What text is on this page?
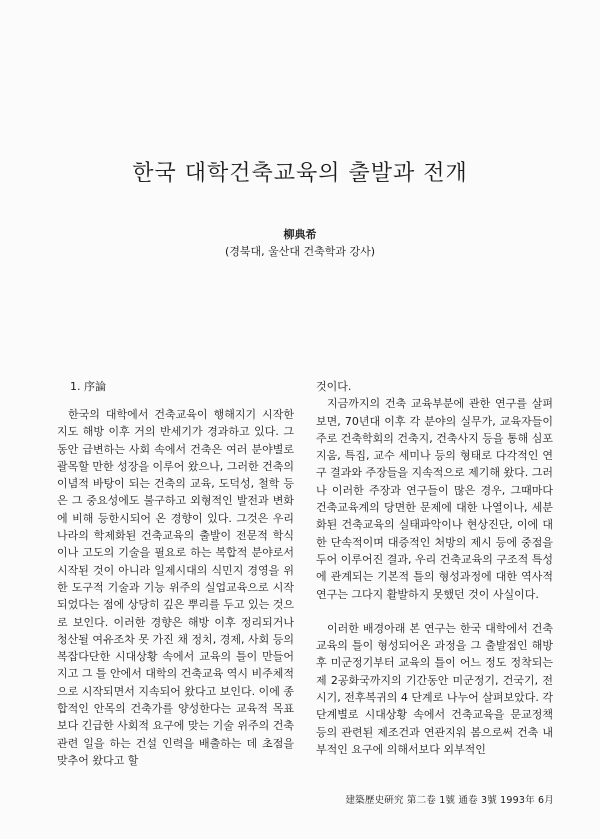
한국 대학건축교육의 출발과 전개
柳典希
(경북대, 울산대 건축학과 강사)
1. 序論

한국의 대학에서 건축교육이 행해지기 시작한 지도 해방 이후 거의 반세기가 경과하고 있다. 그동안 급변하는 사회 속에서 건축은 여러 분야별로 괄목할 만한 성장을 이루어 왔으나, 그러한 건축의 이념적 바탕이 되는 건축의 교육, 도덕성, 철학 등은 그 중요성에도 불구하고 외형적인 발전과 변화에 비해 등한시되어 온 경향이 있다. 그것은 우리나라의 학제화된 건축교육의 출발이 전문적 학식이나 고도의 기술을 필요로 하는 복합적 분야로서 시작된 것이 아니라 일제시대의 식민지 경영을 위한 도구적 기술과 기능 위주의 실업교육으로 시작되었다는 점에 상당히 깊은 뿌리를 두고 있는 것으로 보인다. 이러한 경향은 해방 이후 정리되거나 청산될 여유조차 못 가진 채 정치, 경제, 사회 등의 복잡다단한 시대상황 속에서 교육의 틀이 만들어지고 그 틀 안에서 대학의 건축교육 역시 비주체적으로 시작되면서 지속되어 왔다고 보인다. 이에 종합적인 안목의 건축가를 양성한다는 교육적 목표보다 긴급한 사회적 요구에 맞는 기술 위주의 건축관련 일을 하는 건설 인력을 배출하는 데 초점을 맞추어 왔다고 할

것이다.

지금까지의 건축 교육부분에 관한 연구를 살펴보면, 70년대 이후 각 분야의 실무가, 교육자들이 주로 건축학회의 건축지, 건축사지 등을 통해 심포지움, 특집, 교수 세미나 등의 형태로 다각적인 연구 결과와 주장들을 지속적으로 제기해 왔다. 그러나 이러한 주장과 연구들이 많은 경우, 그때마다 건축교육계의 당면한 문제에 대한 나열이나, 세분화된 건축교육의 실태파악이나 현상진단, 이에 대한 단속적이며 대증적인 처방의 제시 등에 중점을 두어 이루어진 결과, 우리 건축교육의 구조적 특성에 관계되는 기본적 틀의 형성과정에 대한 역사적 연구는 그다지 활발하지 못했던 것이 사실이다.

이러한 배경아래 본 연구는 한국 대학에서 건축교육의 틀이 형성되어온 과정을 그 출발점인 해방 후 미군정기부터 교육의 틀이 어느 정도 정착되는 제 2공화국까지의 기간동안 미군정기, 건국기, 전시기, 전후복귀의 4 단계로 나누어 살펴보았다. 각 단계별로 시대상황 속에서 건축교육을 문교정책 등의 관련된 제조건과 연관지워 봄으로써 건축 내부적인 요구에 의해서보다 외부적인

建築歷史硏究 第二卷 1號 通卷 3號 1993年 6月
